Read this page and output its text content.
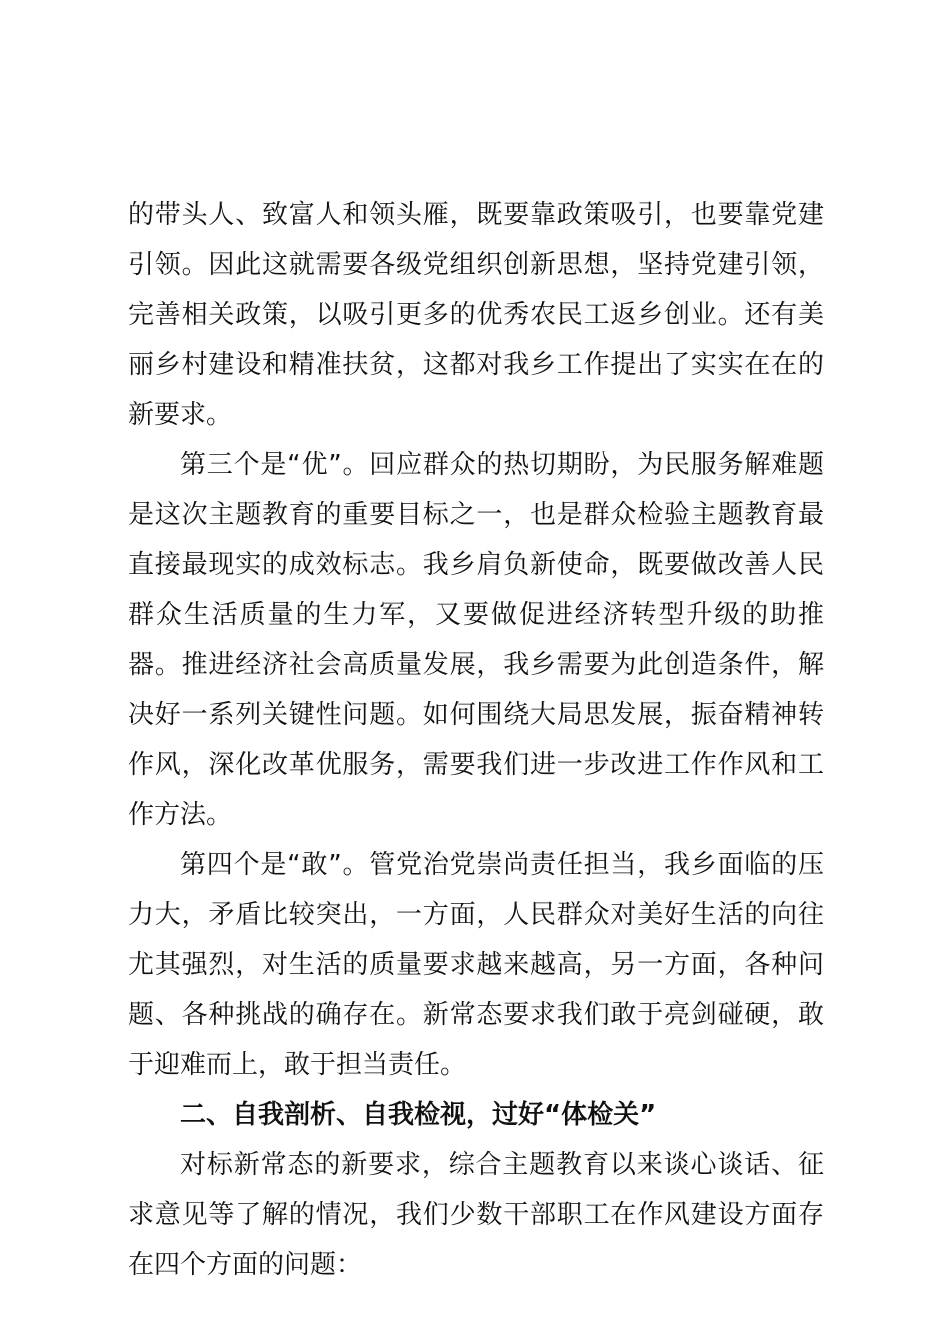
的带头人、致富人和领头雁，既要靠政策吸引，也要靠党建引领。因此这就需要各级党组织创新思想，坚持党建引领，完善相关政策，以吸引更多的优秀农民工返乡创业。还有美丽乡村建设和精准扶贫，这都对我乡工作提出了实实在在的新要求。

第三个是“优”。回应群众的热切期盼，为民服务解难题是这次主题教育的重要目标之一，也是群众检验主题教育最直接最现实的成效标志。我乡肩负新使命，既要做改善人民群众生活质量的生力军，又要做促进经济转型升级的助推器。推进经济社会高质量发展，我乡需要为此创造条件，解决好一系列关键性问题。如何围绕大局思发展，振奋精神转作风，深化改革优服务，需要我们进一步改进工作作风和工作方法。

第四个是“敢”。管党治党崇尚责任担当，我乡面临的压力大，矛盾比较突出，一方面，人民群众对美好生活的向往尤其强烈，对生活的质量要求越来越高，另一方面，各种问题、各种挑战的确存在。新常态要求我们敢于亮剑碰硬，敢于迎难而上，敢于担当责任。

二、自我剖析、自我检视，过好“体检关”

对标新常态的新要求，综合主题教育以来谈心谈话、征求意见等了解的情况，我们少数干部职工在作风建设方面存在四个方面的问题：
